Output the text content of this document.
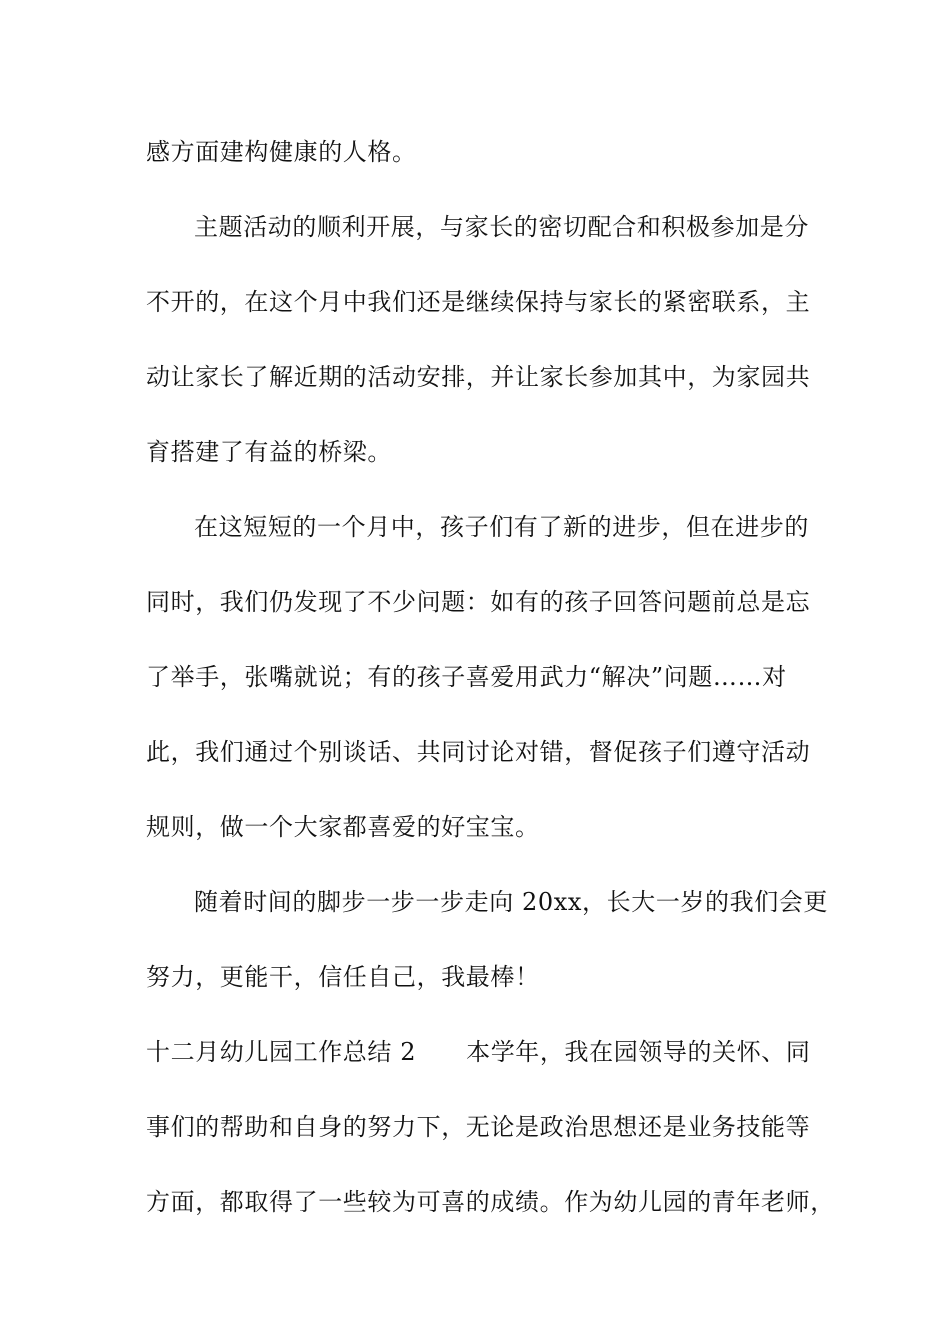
感方面建构健康的人格。
主题活动的顺利开展，与家长的密切配合和积极参加是分
不开的，在这个月中我们还是继续保持与家长的紧密联系，主
动让家长了解近期的活动安排，并让家长参加其中，为家园共
育搭建了有益的桥梁。
在这短短的一个月中，孩子们有了新的进步，但在进步的
同时，我们仍发现了不少问题：如有的孩子回答问题前总是忘
了举手，张嘴就说；有的孩子喜爱用武力“解决”问题……对
此，我们通过个别谈话、共同讨论对错，督促孩子们遵守活动
规则，做一个大家都喜爱的好宝宝。
随着时间的脚步一步一步走向 20xx，长大一岁的我们会更
努力，更能干，信任自己，我最棒！
十二月幼儿园工作总结 2 本学年，我在园领导的关怀、同
事们的帮助和自身的努力下，无论是政治思想还是业务技能等
方面，都取得了一些较为可喜的成绩。作为幼儿园的青年老师，
